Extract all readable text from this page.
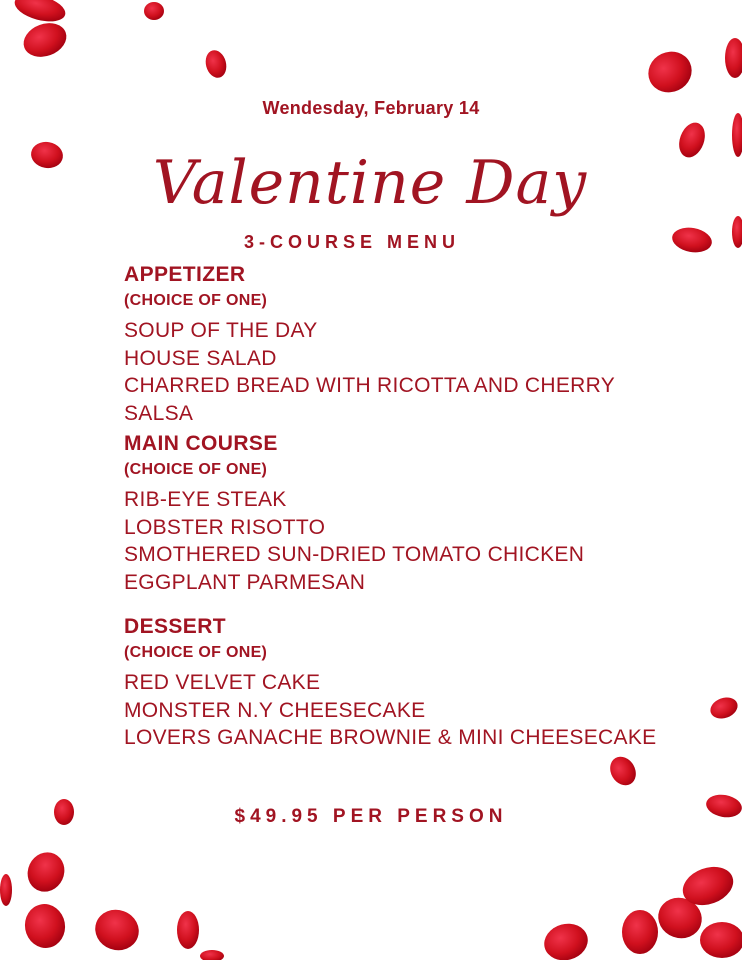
Wendesday, February 14
Valentine Day
3-COURSE MENU
APPETIZER
(CHOICE OF ONE)
SOUP OF THE DAY
HOUSE SALAD
CHARRED BREAD WITH RICOTTA AND CHERRY
SALSA
MAIN COURSE
(CHOICE OF ONE)
RIB-EYE STEAK
LOBSTER RISOTTO
SMOTHERED SUN-DRIED TOMATO CHICKEN
EGGPLANT PARMESAN
DESSERT
(CHOICE OF ONE)
RED VELVET CAKE
MONSTER N.Y CHEESECAKE
LOVERS GANACHE BROWNIE & MINI CHEESECAKE
$49.95 PER PERSON
